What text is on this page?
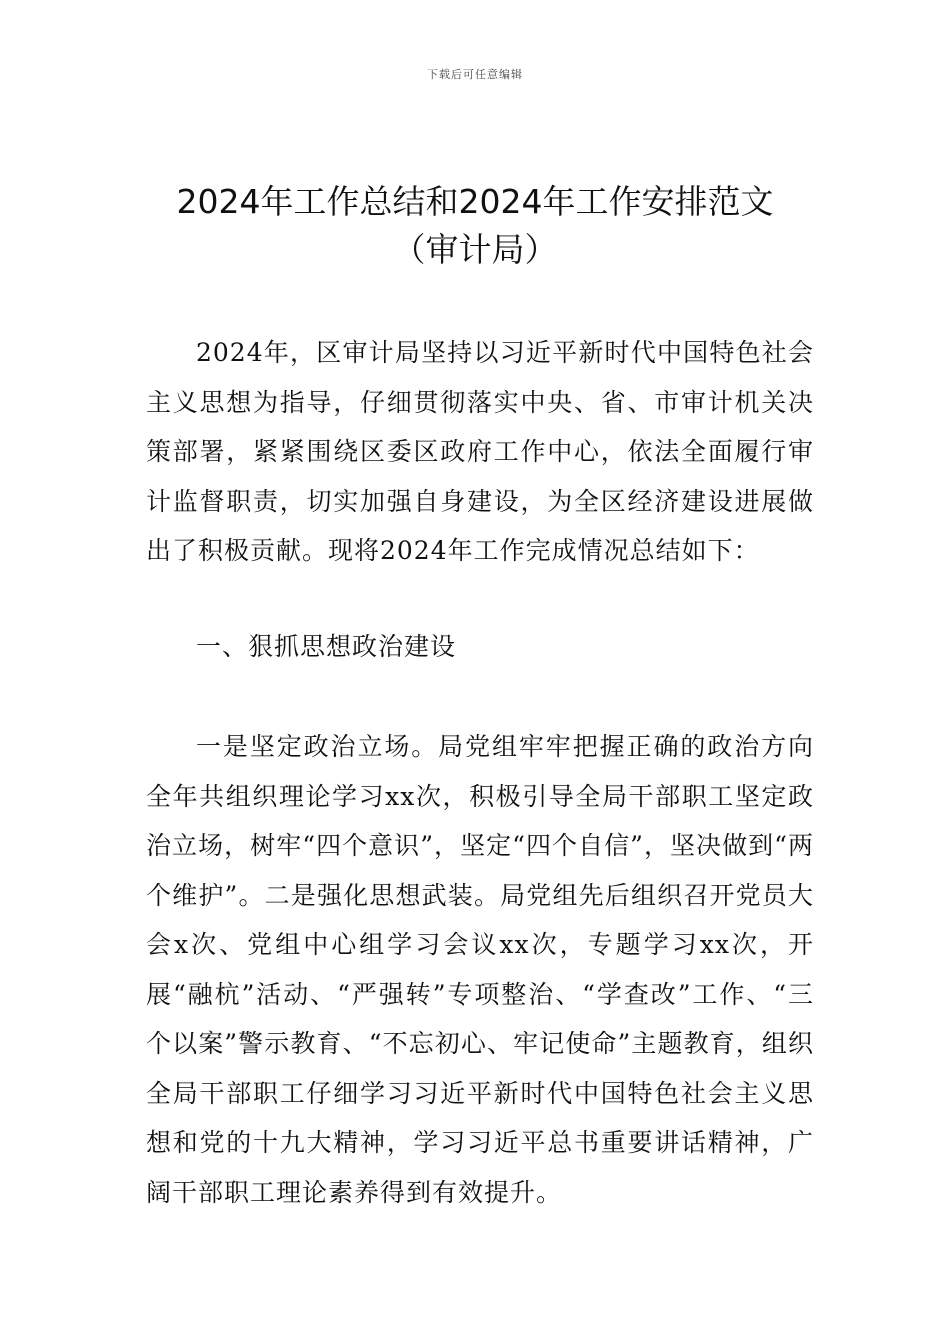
下载后可任意编辑
2024年工作总结和2024年工作安排范文
（审计局）

2024年，区审计局坚持以习近平新时代中国特色社会主义思想为指导，仔细贯彻落实中央、省、市审计机关决策部署，紧紧围绕区委区政府工作中心，依法全面履行审计监督职责，切实加强自身建设，为全区经济建设进展做出了积极贡献。现将2024年工作完成情况总结如下：

一、狠抓思想政治建设

一是坚定政治立场。局党组牢牢把握正确的政治方向全年共组织理论学习xx次，积极引导全局干部职工坚定政治立场，树牢“四个意识”，坚定“四个自信”，坚决做到“两个维护”。二是强化思想武装。局党组先后组织召开党员大会x次、党组中心组学习会议xx次，专题学习xx次，开展“融杭”活动、“严强转”专项整治、“学查改”工作、“三个以案”警示教育、“不忘初心、牢记使命”主题教育，组织全局干部职工仔细学习习近平新时代中国特色社会主义思想和党的十九大精神，学习习近平总书重要讲话精神，广阔干部职工理论素养得到有效提升。
